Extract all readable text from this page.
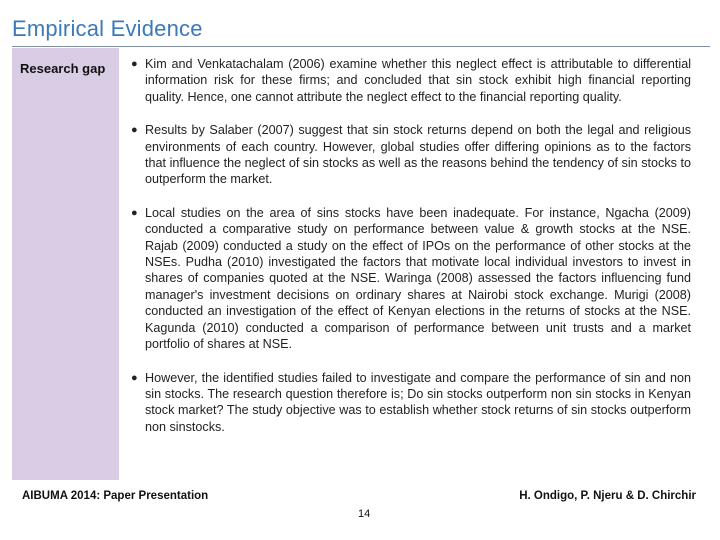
Empirical Evidence
Research gap ● Kim and Venkatachalam (2006) examine whether this neglect effect is attributable to differential information risk for these firms; and concluded that sin stock exhibit high financial reporting quality. Hence, one cannot attribute the neglect effect to the financial reporting quality.
● Results by Salaber (2007) suggest that sin stock returns depend on both the legal and religious environments of each country. However, global studies offer differing opinions as to the factors that influence the neglect of sin stocks as well as the reasons behind the tendency of sin stocks to outperform the market.
● Local studies on the area of sins stocks have been inadequate. For instance, Ngacha (2009) conducted a comparative study on performance between value & growth stocks at the NSE. Rajab (2009) conducted a study on the effect of IPOs on the performance of other stocks at the NSEs. Pudha (2010) investigated the factors that motivate local individual investors to invest in shares of companies quoted at the NSE. Waringa (2008) assessed the factors influencing fund manager's investment decisions on ordinary shares at Nairobi stock exchange. Murigi (2008) conducted an investigation of the effect of Kenyan elections in the returns of stocks at the NSE. Kagunda (2010) conducted a comparison of performance between unit trusts and a market portfolio of shares at NSE.
● However, the identified studies failed to investigate and compare the performance of sin and non sin stocks. The research question therefore is; Do sin stocks outperform non sin stocks in Kenyan stock market? The study objective was to establish whether stock returns of sin stocks outperform non sinstocks.
AIBUMA 2014: Paper Presentation	H. Ondigo, P. Njeru & D. Chirchir
14
